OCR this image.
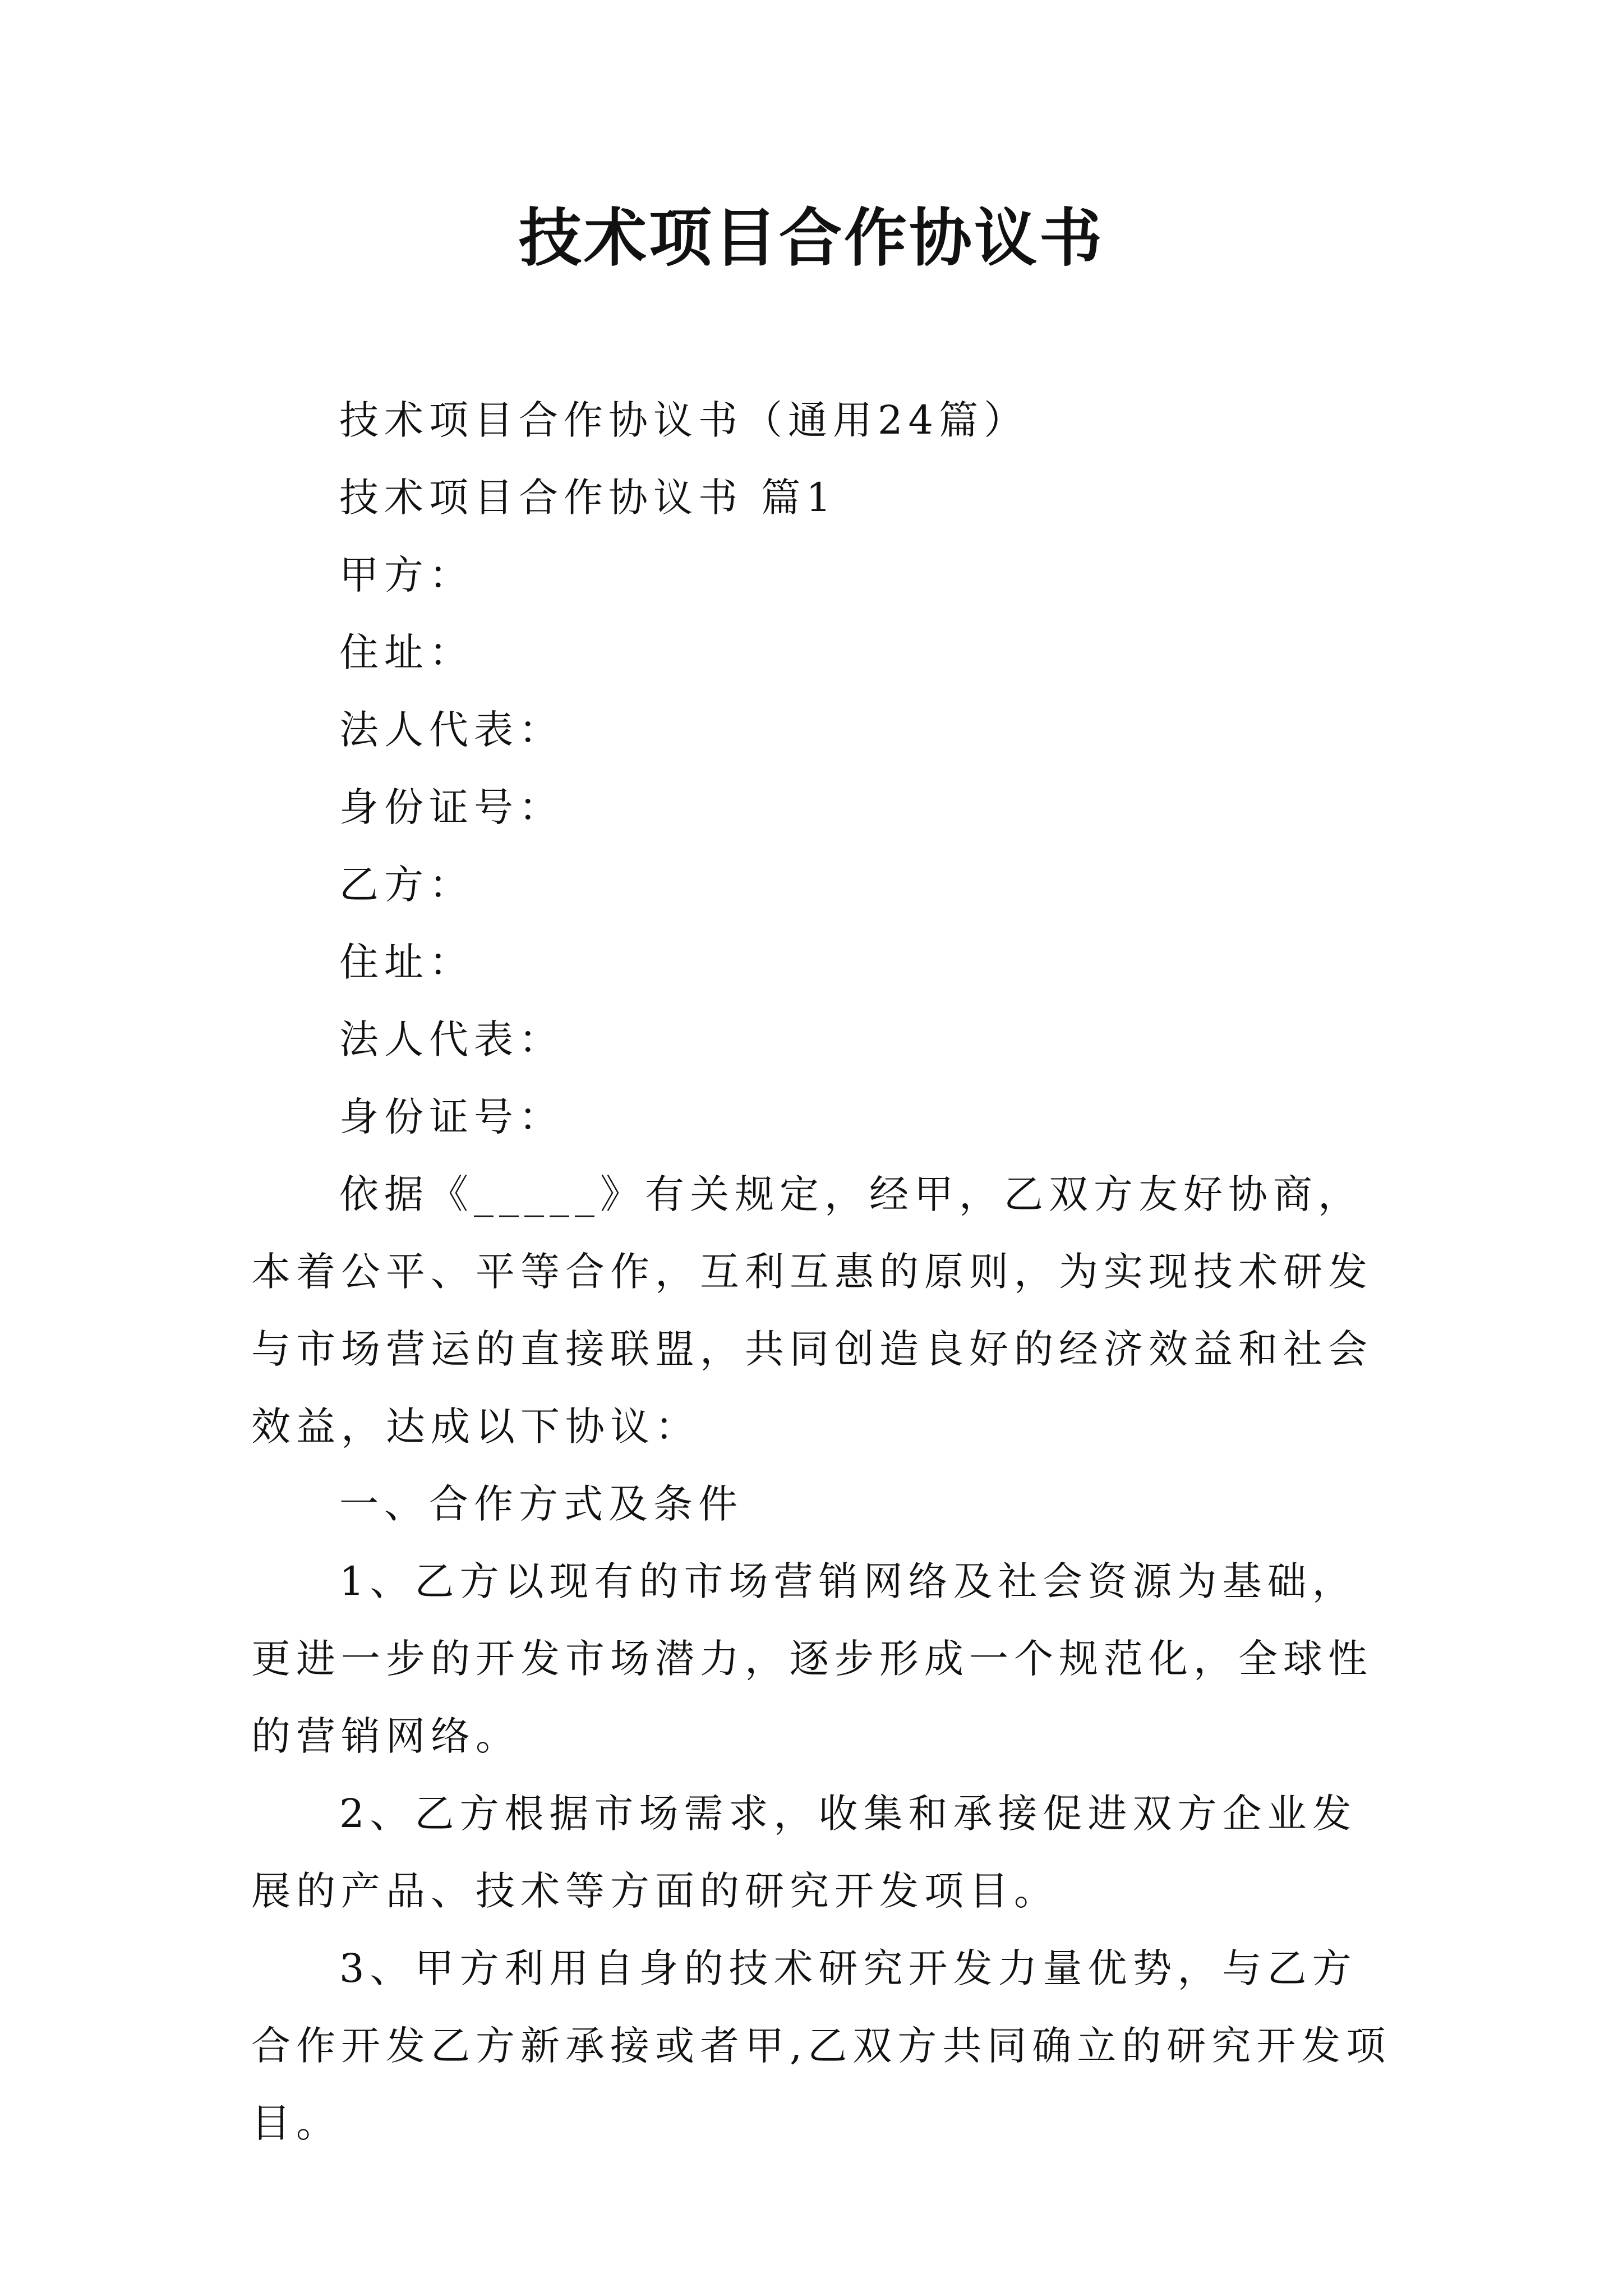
技术项目合作协议书

技术项目合作协议书（通用24篇）

技术项目合作协议书 篇1

甲方：

住址：

法人代表：

身份证号：

乙方：

住址：

法人代表：

身份证号：

依据《_____》有关规定，经甲，乙双方友好协商，本着公平、平等合作，互利互惠的原则，为实现技术研发与市场营运的直接联盟，共同创造良好的经济效益和社会效益，达成以下协议：

一、合作方式及条件

1、乙方以现有的市场营销网络及社会资源为基础，更进一步的开发市场潜力，逐步形成一个规范化，全球性的营销网络。

2、乙方根据市场需求，收集和承接促进双方企业发展的产品、技术等方面的研究开发项目。

3、甲方利用自身的技术研究开发力量优势，与乙方合作开发乙方新承接或者甲,乙双方共同确立的研究开发项目。
